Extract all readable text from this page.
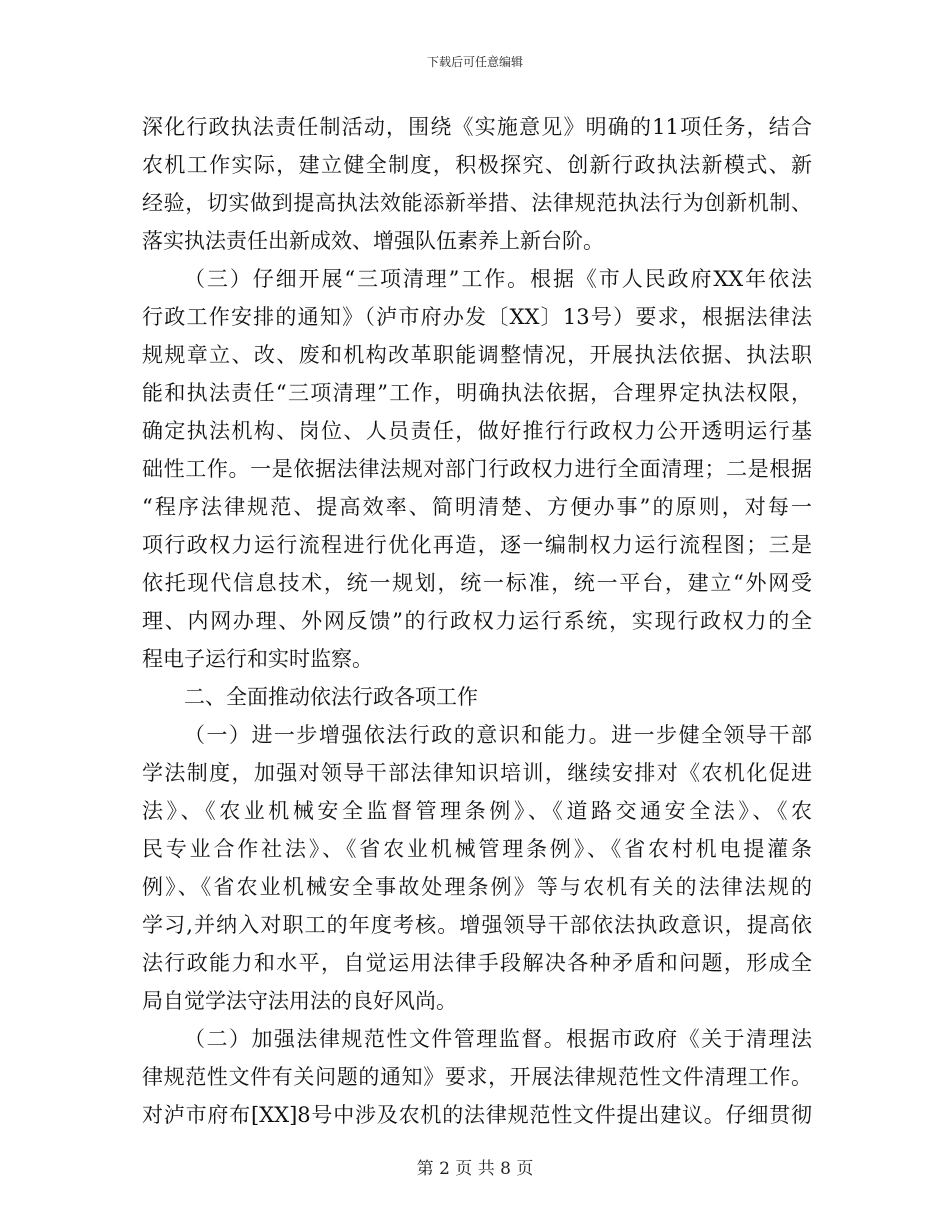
下载后可任意编辑
深化行政执法责任制活动，围绕《实施意见》明确的11项任务，结合
农机工作实际，建立健全制度，积极探究、创新行政执法新模式、新
经验，切实做到提高执法效能添新举措、法律规范执法行为创新机制、
落实执法责任出新成效、增强队伍素养上新台阶。
（三）仔细开展“三项清理”工作。根据《市人民政府XX年依法
行政工作安排的通知》（泸市府办发〔XX〕13号）要求，根据法律法
规规章立、改、废和机构改革职能调整情况，开展执法依据、执法职
能和执法责任“三项清理”工作，明确执法依据，合理界定执法权限，
确定执法机构、岗位、人员责任，做好推行行政权力公开透明运行基
础性工作。一是依据法律法规对部门行政权力进行全面清理；二是根据
“程序法律规范、提高效率、简明清楚、方便办事”的原则，对每一
项行政权力运行流程进行优化再造，逐一编制权力运行流程图；三是
依托现代信息技术，统一规划，统一标准，统一平台，建立“外网受
理、内网办理、外网反馈”的行政权力运行系统，实现行政权力的全
程电子运行和实时监察。
二、全面推动依法行政各项工作
（一）进一步增强依法行政的意识和能力。进一步健全领导干部
学法制度，加强对领导干部法律知识培训，继续安排对《农机化促进
法》、《农业机械安全监督管理条例》、《道路交通安全法》、《农
民专业合作社法》、《省农业机械管理条例》、《省农村机电提灌条
例》、《省农业机械安全事故处理条例》等与农机有关的法律法规的
学习,并纳入对职工的年度考核。增强领导干部依法执政意识，提高依
法行政能力和水平，自觉运用法律手段解决各种矛盾和问题，形成全
局自觉学法守法用法的良好风尚。
（二）加强法律规范性文件管理监督。根据市政府《关于清理法
律规范性文件有关问题的通知》要求，开展法律规范性文件清理工作。
对泸市府布[XX]8号中涉及农机的法律规范性文件提出建议。仔细贯彻
第 2 页 共 8 页
